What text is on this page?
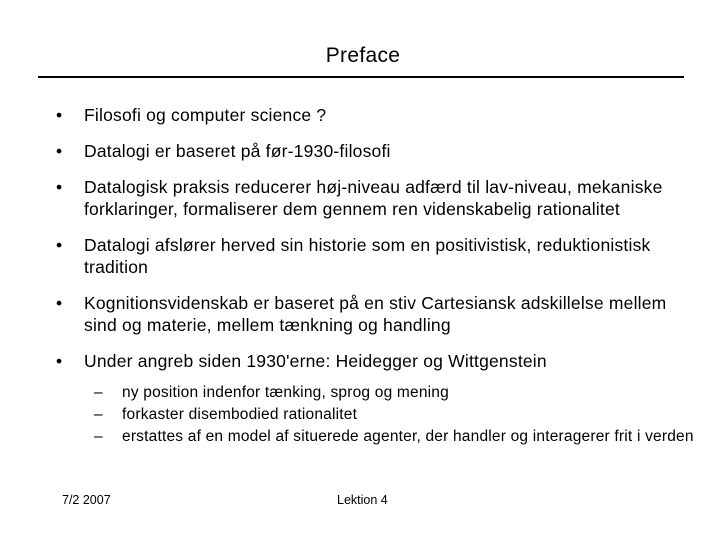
Preface
• Filosofi og computer science ?
• Datalogi er baseret på før-1930-filosofi
• Datalogisk praksis reducerer høj-niveau adfærd til lav-niveau, mekaniske forklaringer, formaliserer dem gennem ren videnskabelig rationalitet
• Datalogi afslører herved sin historie som en positivistisk, reduktionistisk tradition
• Kognitionsvidenskab er baseret på en stiv Cartesiansk adskillelse mellem sind og materie, mellem tænkning og handling
• Under angreb siden 1930'erne: Heidegger og Wittgenstein
– ny position indenfor tænking, sprog og mening
– forkaster disembodied rationalitet
– erstattes af en model af situerede agenter, der handler og interagerer frit i verden
7/2 2007	Lektion 4
